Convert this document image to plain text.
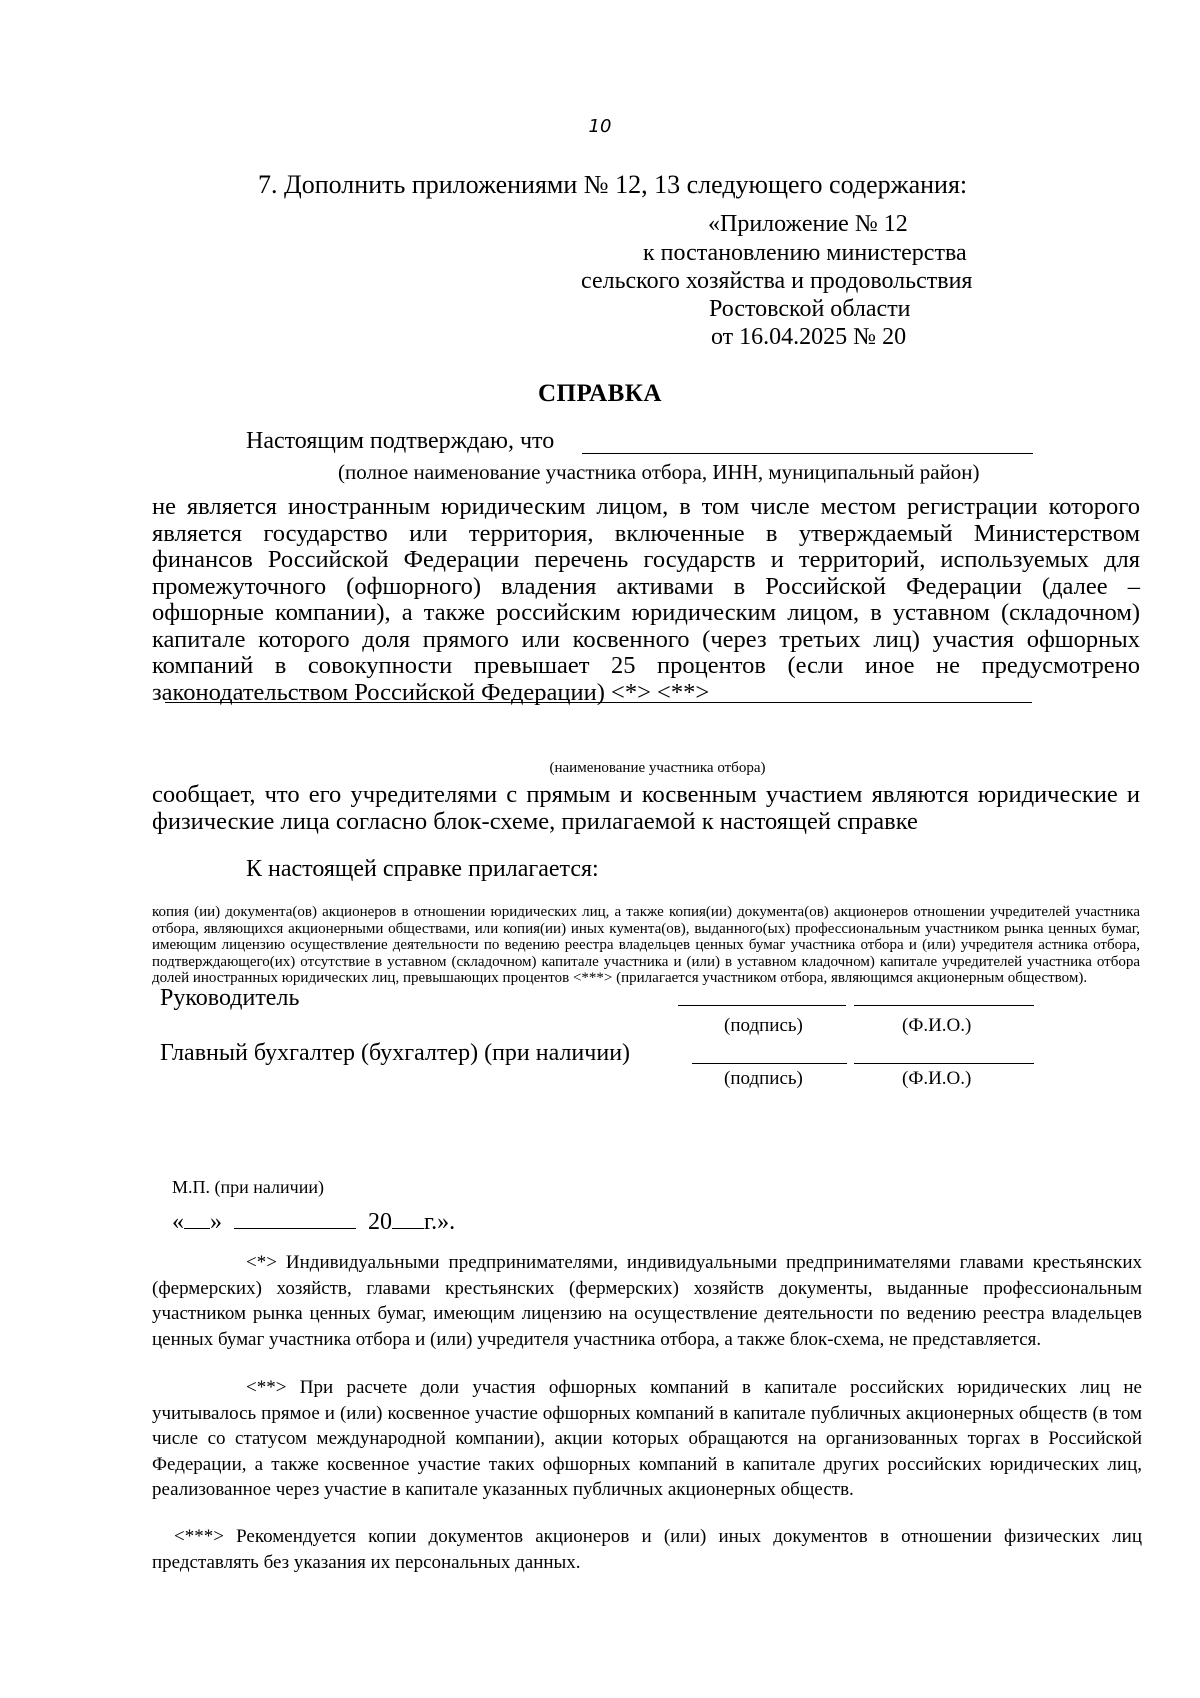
10
7. Дополнить приложениями № 12, 13 следующего содержания:
«Приложение № 12
к постановлению министерства
сельского хозяйства и продовольствия
Ростовской области
от 16.04.2025 № 20
СПРАВКА
Настоящим подтверждаю, что
(полное наименование участника отбора, ИНН, муниципальный район)
не является иностранным юридическим лицом, в том числе местом регистрации которого является государство или территория, включенные в утверждаемый Министерством финансов Российской Федерации перечень государств и территорий, используемых для промежуточного (офшорного) владения активами в Российской Федерации (далее – офшорные компании), а также российским юридическим лицом, в уставном (складочном) капитале которого доля прямого или косвенного (через третьих лиц) участия офшорных компаний в совокупности превышает 25 процентов (если иное не предусмотрено законодательством Российской Федерации) <*> <**>
(наименование участника отбора)
сообщает, что его учредителями с прямым и косвенным участием являются юридические и физические лица согласно блок-схеме, прилагаемой к настоящей справке
К настоящей справке прилагается:
копия (ии) документа(ов) акционеров в отношении юридических лиц, а также копия(ии) документа(ов) акционеров отношении учредителей участника отбора, являющихся акционерными обществами, или копия(ии) иных кумента(ов), выданного(ых) профессиональным участником рынка ценных бумаг, имеющим лицензию осуществление деятельности по ведению реестра владельцев ценных бумаг участника отбора и (или) учредителя астника отбора, подтверждающего(их) отсутствие в уставном (складочном) капитале участника и (или) в уставном кладочном) капитале учредителей участника отбора долей иностранных юридических лиц, превышающих процентов <***> (прилагается участником отбора, являющимся акционерным обществом).
Руководитель
(подпись)	(Ф.И.О.)
Главный бухгалтер (бухгалтер) (при наличии)
(подпись)	(Ф.И.О.)
М.П. (при наличии)
« »	20 г.».
<*> Индивидуальными предпринимателями, индивидуальными предпринимателями главами крестьянских (фермерских) хозяйств, главами крестьянских (фермерских) хозяйств документы, выданные профессиональным участником рынка ценных бумаг, имеющим лицензию на осуществление деятельности по ведению реестра владельцев ценных бумаг участника отбора и (или) учредителя участника отбора, а также блок-схема, не представляется.
<**> При расчете доли участия офшорных компаний в капитале российских юридических лиц не учитывалось прямое и (или) косвенное участие офшорных компаний в капитале публичных акционерных обществ (в том числе со статусом международной компании), акции которых обращаются на организованных торгах в Российской Федерации, а также косвенное участие таких офшорных компаний в капитале других российских юридических лиц, реализованное через участие в капитале указанных публичных акционерных обществ.
<***> Рекомендуется копии документов акционеров и (или) иных документов в отношении физических лиц представлять без указания их персональных данных.
